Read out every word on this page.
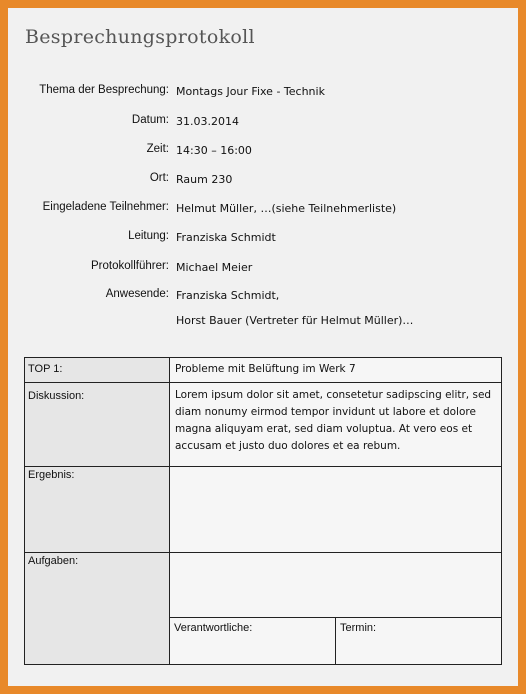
Besprechungsprotokoll
Thema der Besprechung: Montags Jour Fixe - Technik
Datum: 31.03.2014
Zeit: 14:30 – 16:00
Ort: Raum 230
Eingeladene Teilnehmer: Helmut Müller, …(siehe Teilnehmerliste)
Leitung: Franziska Schmidt
Protokollführer: Michael Meier
Anwesende: Franziska Schmidt,
Horst Bauer (Vertreter für Helmut Müller)…
TOP 1:	Probleme mit Belüftung im Werk 7
Diskussion:	Lorem ipsum dolor sit amet, consetetur sadipscing elitr, sed diam nonumy eirmod tempor invidunt ut labore et dolore magna aliquyam erat, sed diam voluptua. At vero eos et accusam et justo duo dolores et ea rebum.
Ergebnis:
Aufgaben:
Verantwortliche:	Termin:
